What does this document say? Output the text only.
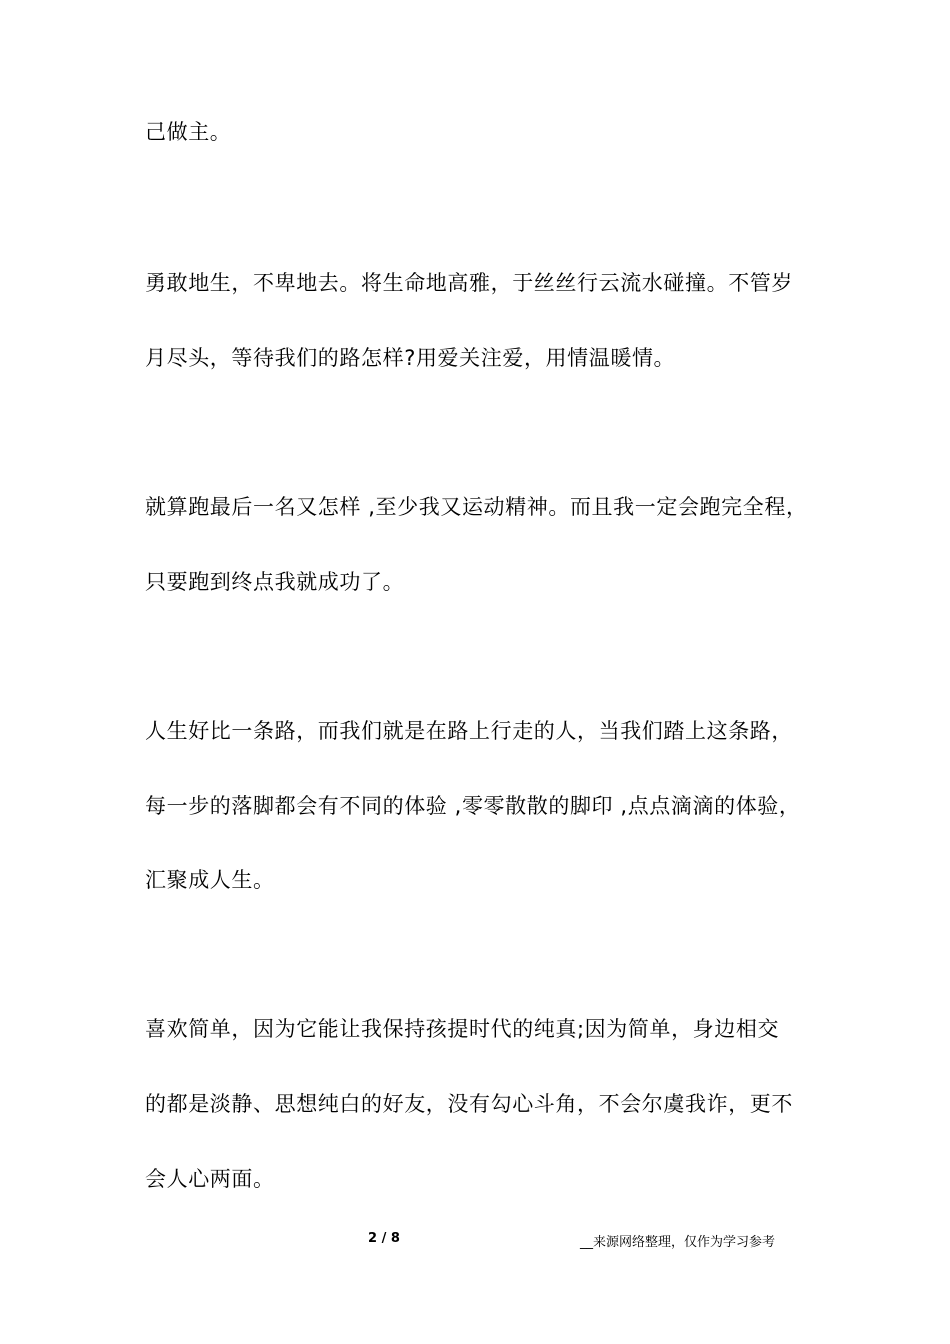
己做主。
勇敢地生，不卑地去。将生命地高雅，于丝丝行云流水碰撞。不管岁
月尽头，等待我们的路怎样?用爱关注爱，用情温暖情。
就算跑最后一名又怎样 ,至少我又运动精神。而且我一定会跑完全程，
只要跑到终点我就成功了。
人生好比一条路，而我们就是在路上行走的人，当我们踏上这条路，
每一步的落脚都会有不同的体验 ,零零散散的脚印 ,点点滴滴的体验，
汇聚成人生。
喜欢简单，因为它能让我保持孩提时代的纯真;因为简单，身边相交
的都是淡静、思想纯白的好友，没有勾心斗角，不会尔虞我诈，更不
会人心两面。
2 / 8	__来源网络整理，仅作为学习参考
